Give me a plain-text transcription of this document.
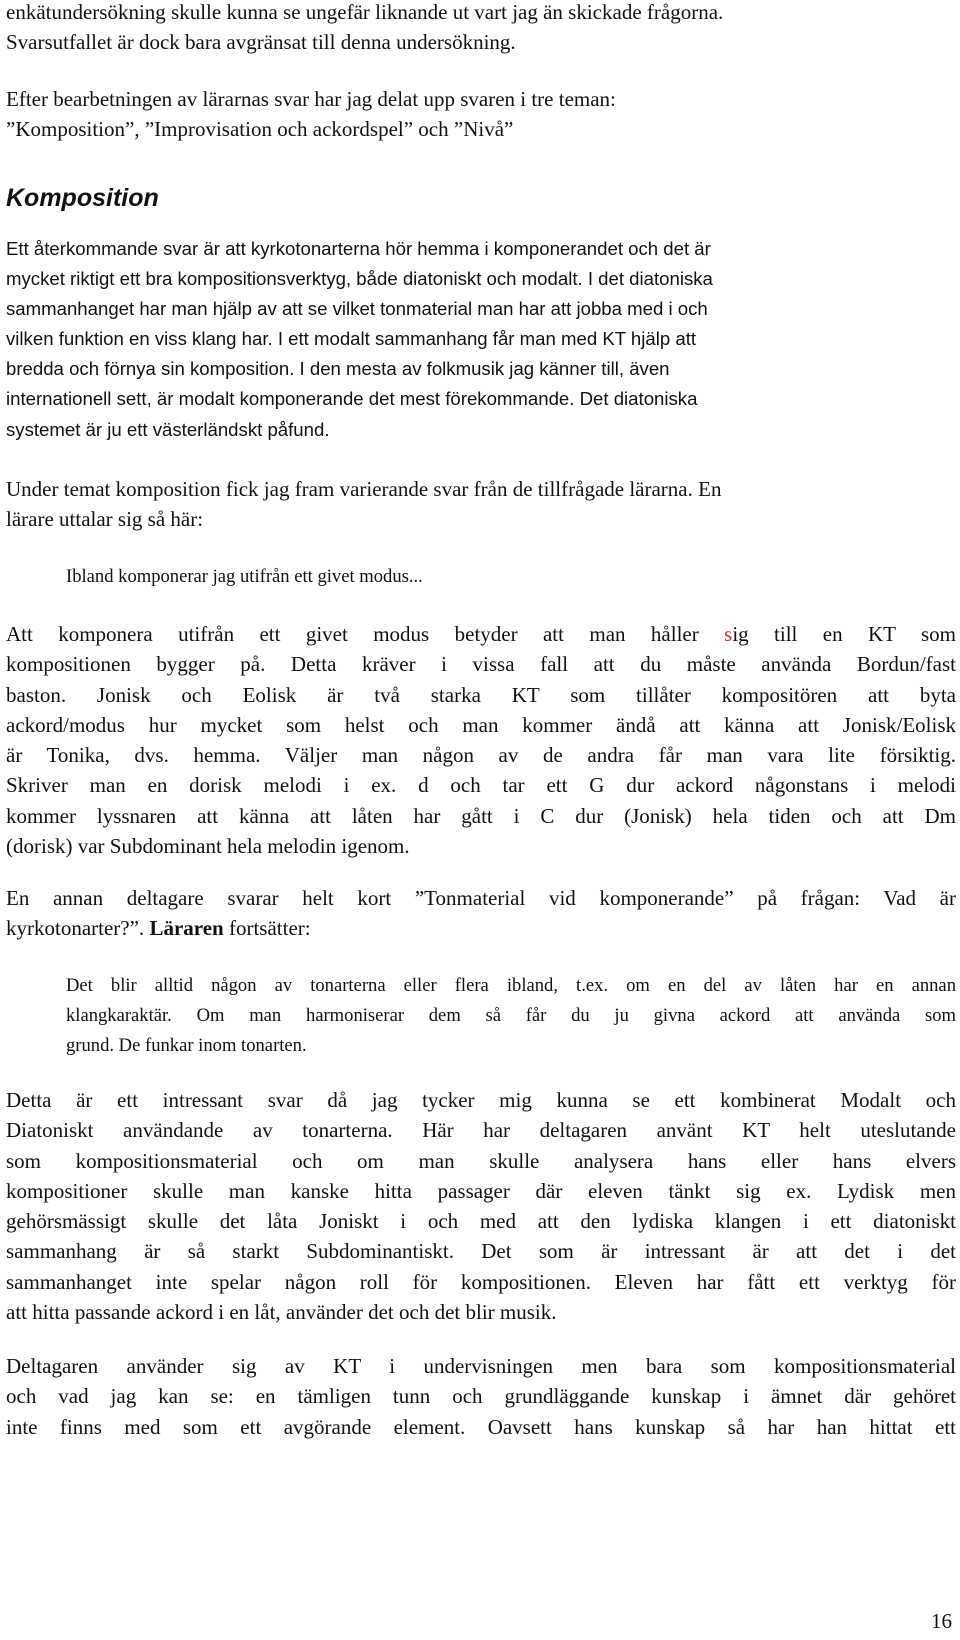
enkätundersökning skulle kunna se ungefär liknande ut vart jag än skickade frågorna.
Svarsutfallet är dock bara avgränsat till denna undersökning.

Efter bearbetningen av lärarnas svar har jag delat upp svaren i tre teman:
”Komposition”, ”Improvisation och ackordspel” och ”Nivå”

Komposition

Ett återkommande svar är att kyrkotonarterna hör hemma i komponerandet och det är
mycket riktigt ett bra kompositionsverktyg, både diatoniskt och modalt. I det diatoniska
sammanhanget har man hjälp av att se vilket tonmaterial man har att jobba med i och
vilken funktion en viss klang har. I ett modalt sammanhang får man med KT hjälp att
bredda och förnya sin komposition. I den mesta av folkmusik jag känner till, även
internationell sett, är modalt komponerande det mest förekommande. Det diatoniska
systemet är ju ett västerländskt påfund.

Under temat komposition fick jag fram varierande svar från de tillfrågade lärarna. En
lärare uttalar sig så här:

Ibland komponerar jag utifrån ett givet modus...

Att komponera utifrån ett givet modus betyder att man håller sig till en KT som
kompositionen bygger på. Detta kräver i vissa fall att du måste använda Bordun/fast
baston. Jonisk och Eolisk är två starka KT som tillåter kompositören att byta
ackord/modus hur mycket som helst och man kommer ändå att känna att Jonisk/Eolisk
är Tonika, dvs. hemma. Väljer man någon av de andra får man vara lite försiktig.
Skriver man en dorisk melodi i ex. d och tar ett G dur ackord någonstans i melodi
kommer lyssnaren att känna att låten har gått i C dur (Jonisk) hela tiden och att Dm
(dorisk) var Subdominant hela melodin igenom.

En annan deltagare svarar helt kort ”Tonmaterial vid komponerande” på frågan: Vad är
kyrkotonarter?”. Läraren fortsätter:

Det blir alltid någon av tonarterna eller flera ibland, t.ex. om en del av låten har en annan
klangkaraktär. Om man harmoniserar dem så får du ju givna ackord att använda som
grund. De funkar inom tonarten.

Detta är ett intressant svar då jag tycker mig kunna se ett kombinerat Modalt och
Diatoniskt användande av tonarterna. Här har deltagaren använt KT helt uteslutande
som kompositionsmaterial och om man skulle analysera hans eller hans elvers
kompositioner skulle man kanske hitta passager där eleven tänkt sig ex. Lydisk men
gehörsmässigt skulle det låta Joniskt i och med att den lydiska klangen i ett diatoniskt
sammanhang är så starkt Subdominantiskt. Det som är intressant är att det i det
sammanhanget inte spelar någon roll för kompositionen. Eleven har fått ett verktyg för
att hitta passande ackord i en låt, använder det och det blir musik.

Deltagaren använder sig av KT i undervisningen men bara som kompositionsmaterial
och vad jag kan se: en tämligen tunn och grundläggande kunskap i ämnet där gehöret
inte finns med som ett avgörande element. Oavsett hans kunskap så har han hittat ett

16
